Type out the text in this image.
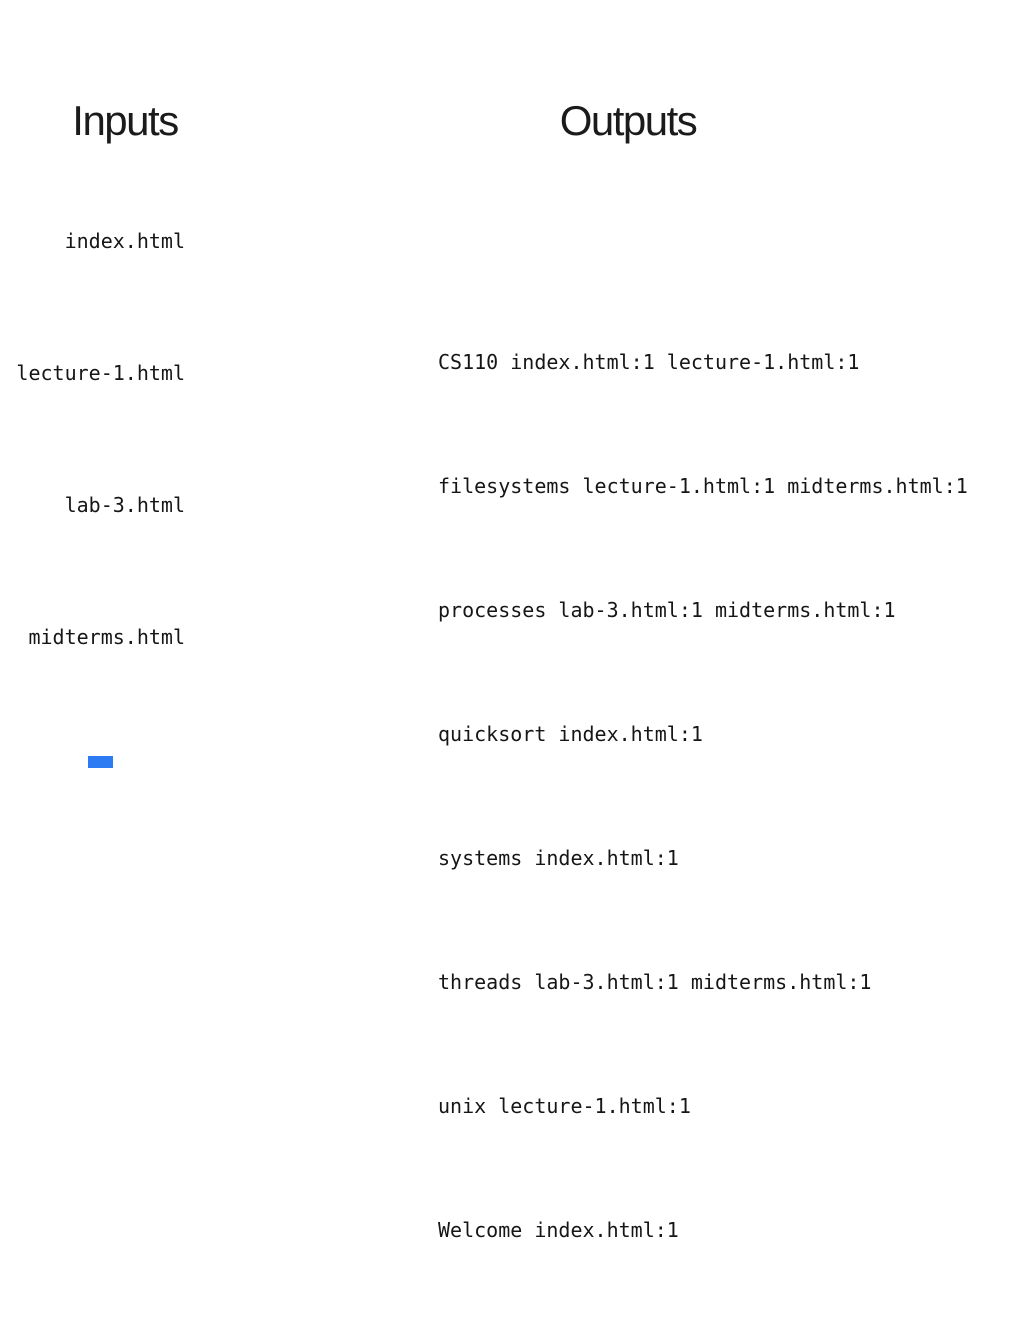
Inputs	Outputs
index.html
lecture-1.html
lab-3.html
midterms.html

CS110 index.html:1 lecture-1.html:1

filesystems lecture-1.html:1 midterms.html:1

processes lab-3.html:1 midterms.html:1

quicksort index.html:1

systems index.html:1

threads lab-3.html:1 midterms.html:1

unix lecture-1.html:1

Welcome index.html:1
